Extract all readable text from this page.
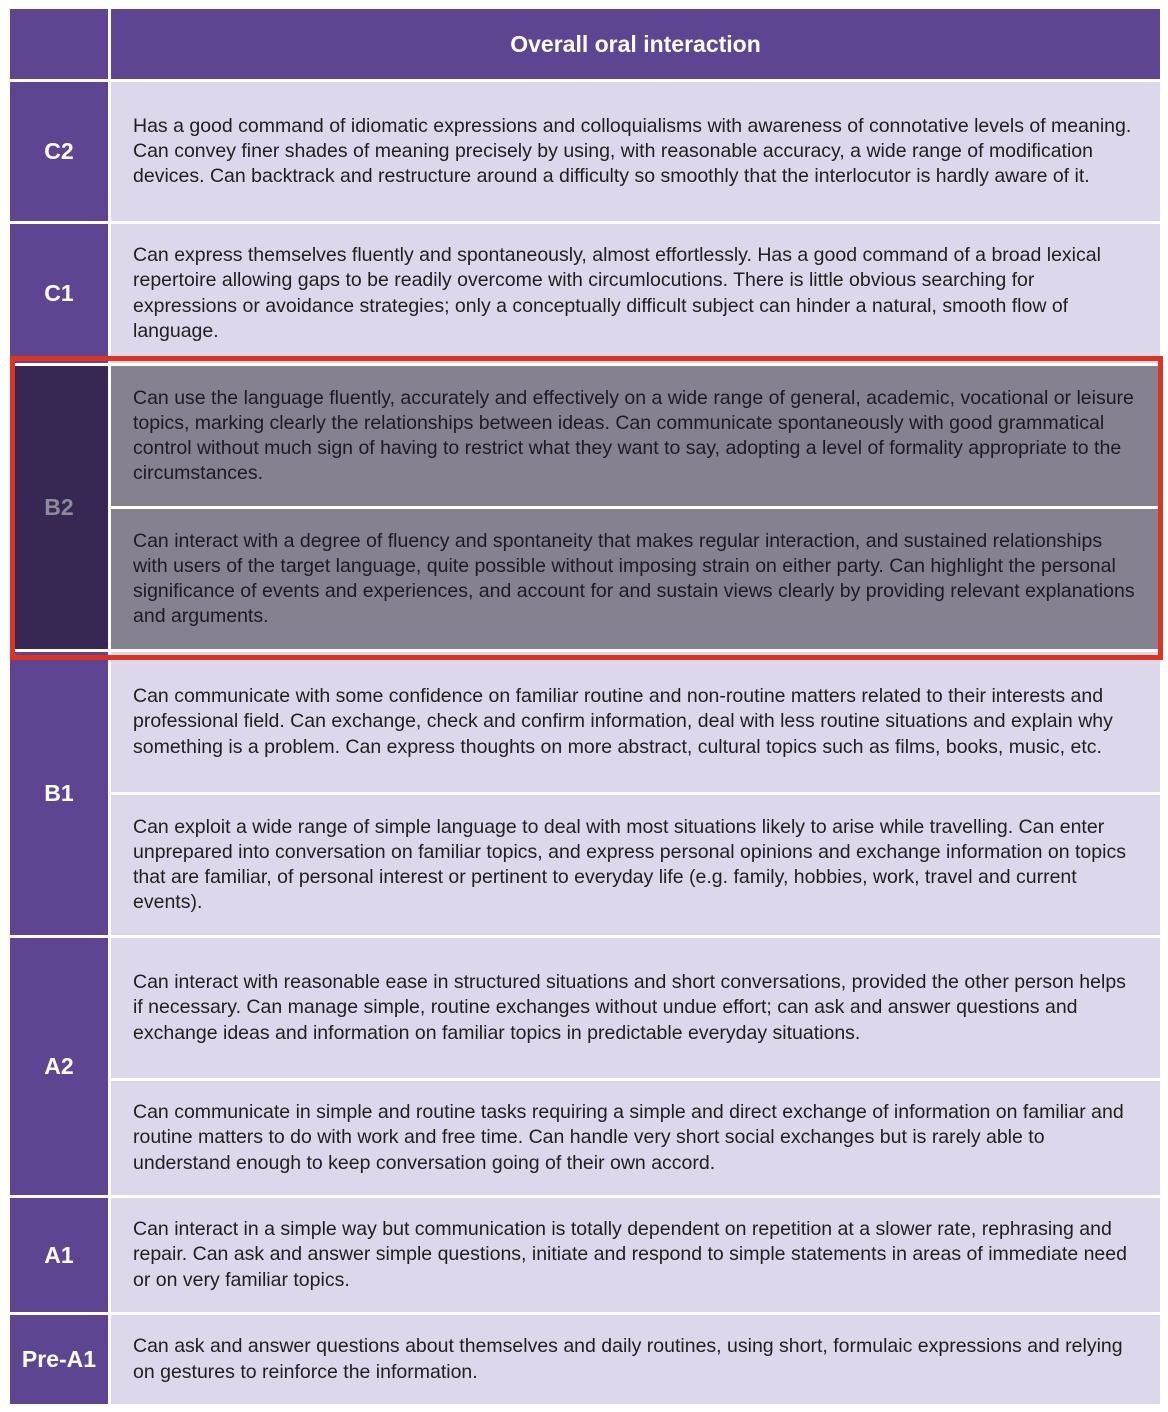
Overall oral interaction
C2
Has a good command of idiomatic expressions and colloquialisms with awareness of connotative levels of meaning. Can convey finer shades of meaning precisely by using, with reasonable accuracy, a wide range of modification devices. Can backtrack and restructure around a difficulty so smoothly that the interlocutor is hardly aware of it.
C1
Can express themselves fluently and spontaneously, almost effortlessly. Has a good command of a broad lexical repertoire allowing gaps to be readily overcome with circumlocutions. There is little obvious searching for expressions or avoidance strategies; only a conceptually difficult subject can hinder a natural, smooth flow of language.
B2
Can use the language fluently, accurately and effectively on a wide range of general, academic, vocational or leisure topics, marking clearly the relationships between ideas. Can communicate spontaneously with good grammatical control without much sign of having to restrict what they want to say, adopting a level of formality appropriate to the circumstances.
Can interact with a degree of fluency and spontaneity that makes regular interaction, and sustained relationships with users of the target language, quite possible without imposing strain on either party. Can highlight the personal significance of events and experiences, and account for and sustain views clearly by providing relevant explanations and arguments.
B1
Can communicate with some confidence on familiar routine and non-routine matters related to their interests and professional field. Can exchange, check and confirm information, deal with less routine situations and explain why something is a problem. Can express thoughts on more abstract, cultural topics such as films, books, music, etc.
Can exploit a wide range of simple language to deal with most situations likely to arise while travelling. Can enter unprepared into conversation on familiar topics, and express personal opinions and exchange information on topics that are familiar, of personal interest or pertinent to everyday life (e.g. family, hobbies, work, travel and current events).
A2
Can interact with reasonable ease in structured situations and short conversations, provided the other person helps if necessary. Can manage simple, routine exchanges without undue effort; can ask and answer questions and exchange ideas and information on familiar topics in predictable everyday situations.
Can communicate in simple and routine tasks requiring a simple and direct exchange of information on familiar and routine matters to do with work and free time. Can handle very short social exchanges but is rarely able to understand enough to keep conversation going of their own accord.
A1
Can interact in a simple way but communication is totally dependent on repetition at a slower rate, rephrasing and repair. Can ask and answer simple questions, initiate and respond to simple statements in areas of immediate need or on very familiar topics.
Pre-A1	Can ask and answer questions about themselves and daily routines, using short, formulaic expressions and relying on gestures to reinforce the information.
